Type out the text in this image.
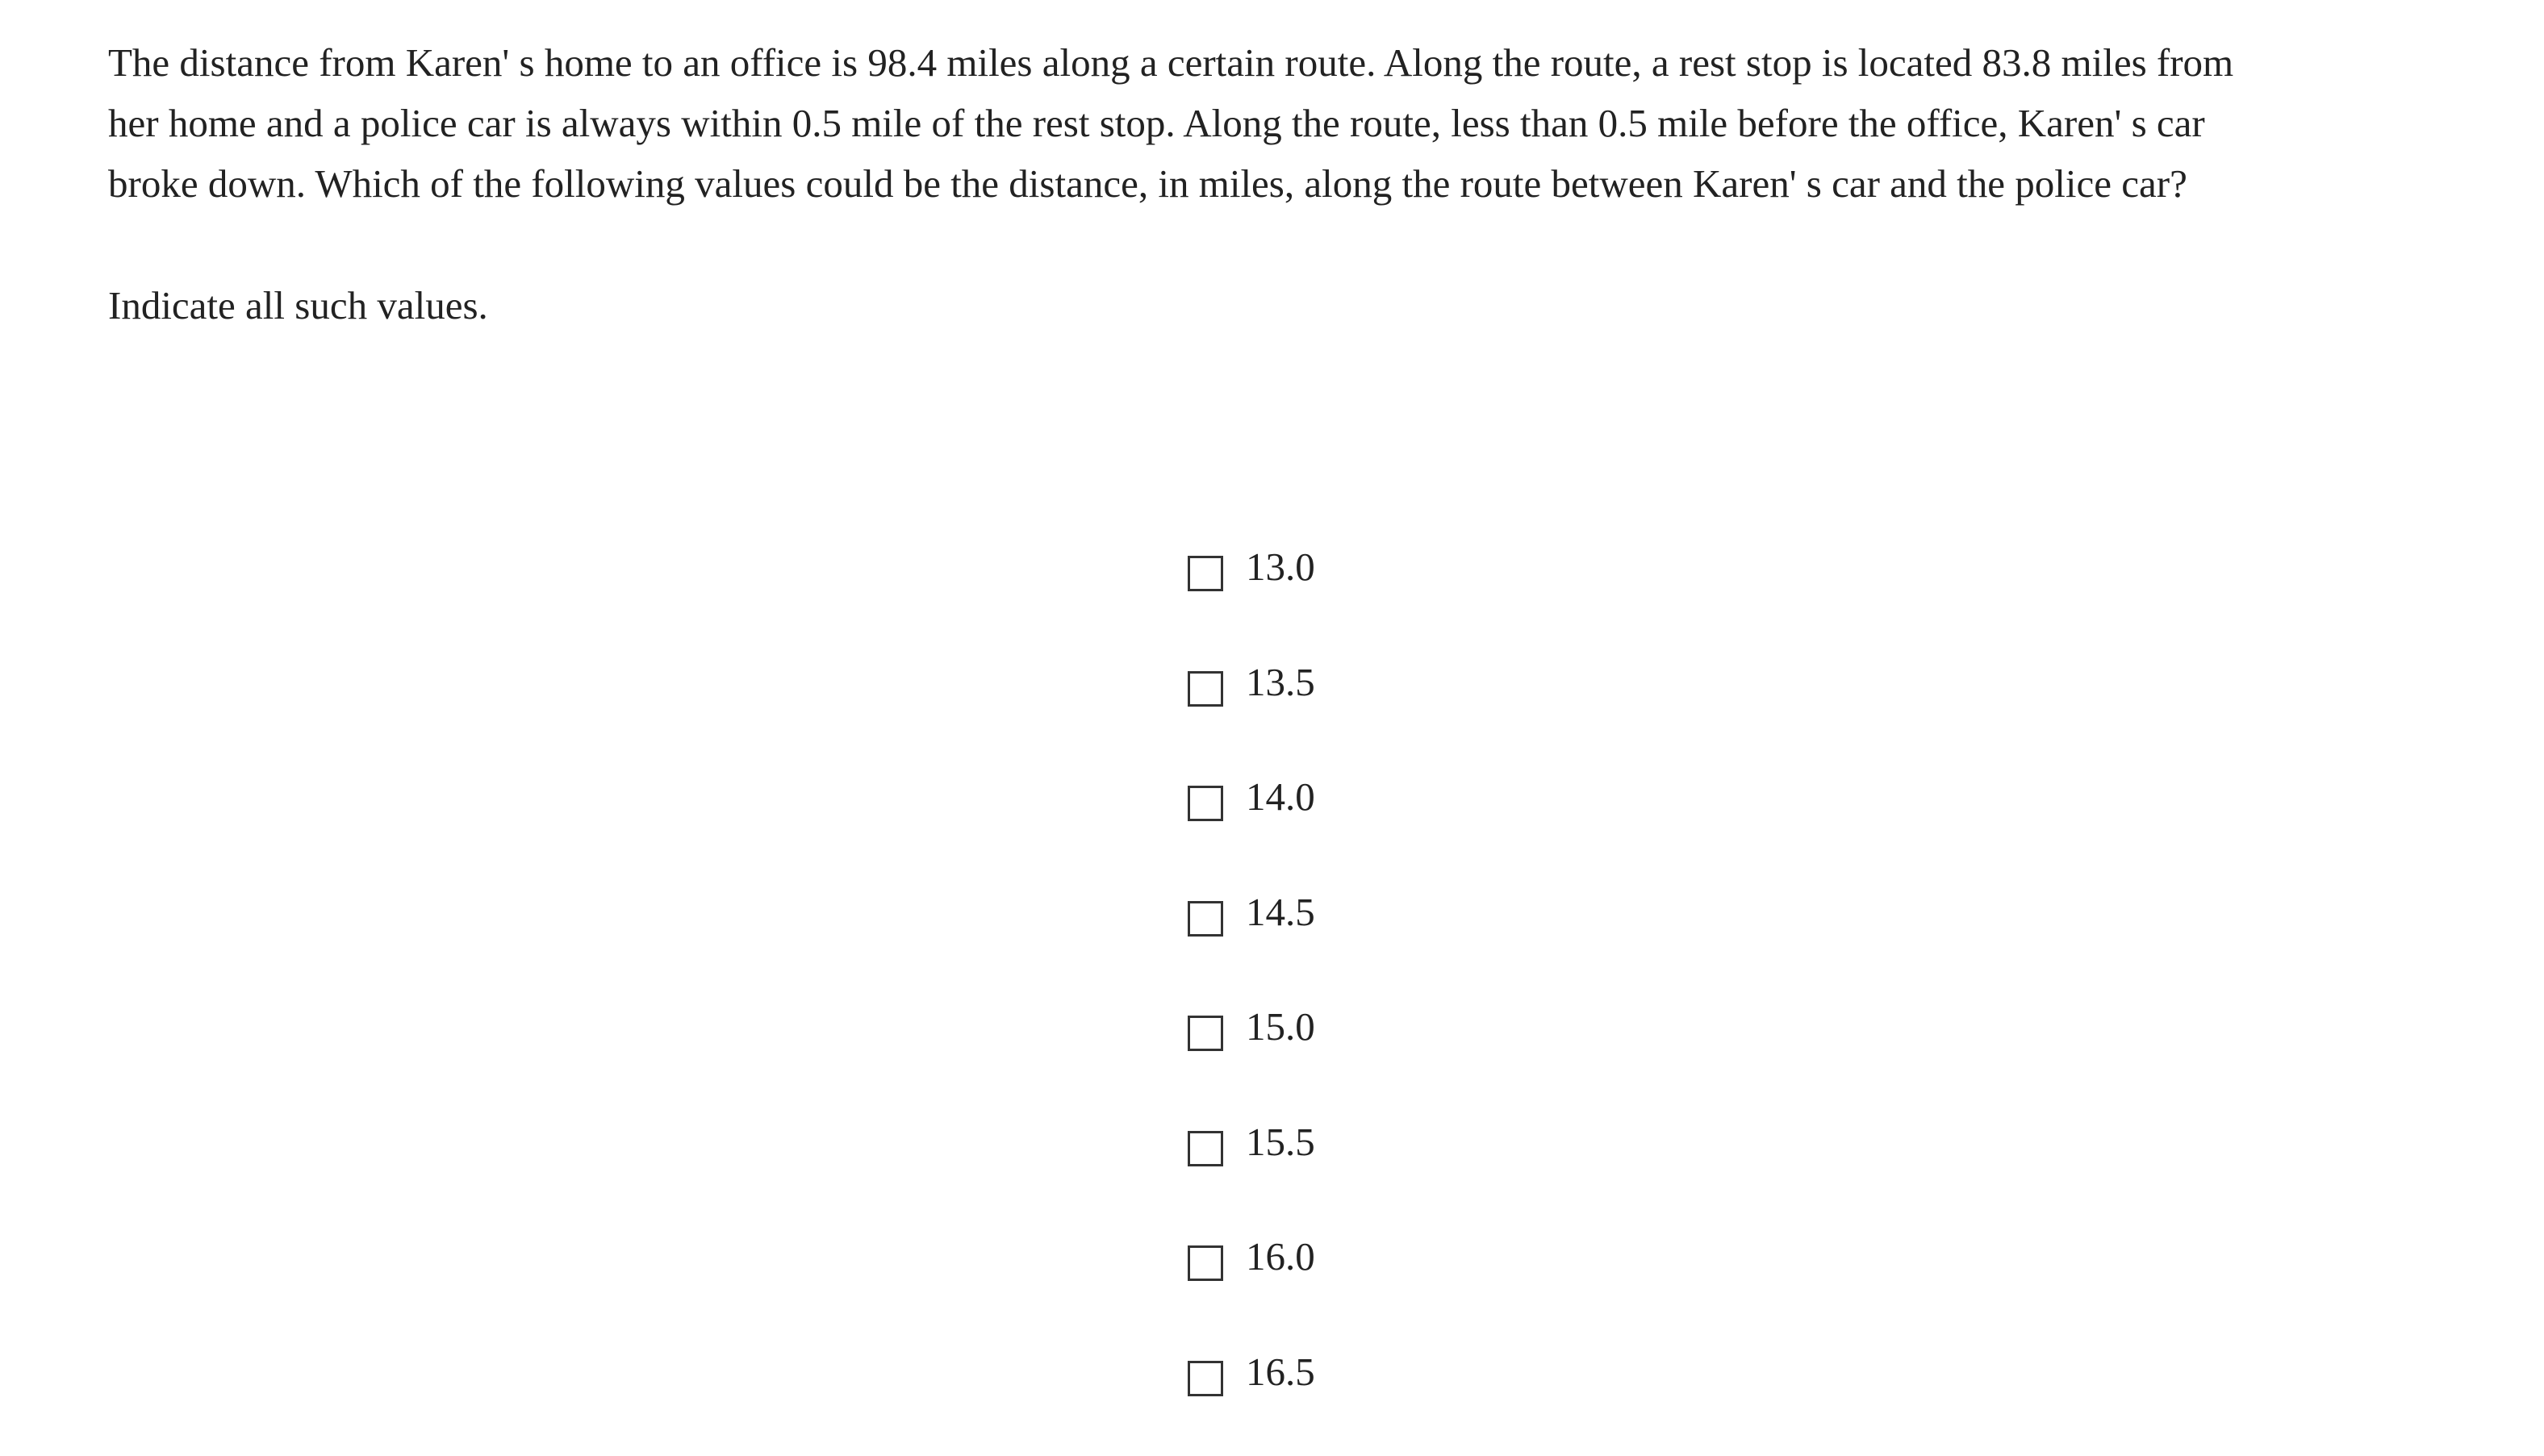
The distance from Karen' s home to an office is 98.4 miles along a certain route. Along the route, a rest stop is located 83.8 miles from
her home and a police car is always within 0.5 mile of the rest stop. Along the route, less than 0.5 mile before the office, Karen' s car
broke down. Which of the following values could be the distance, in miles, along the route between Karen' s car and the police car?

Indicate all such values.

13.0
13.5
14.0
14.5
15.0
15.5
16.0
16.5
